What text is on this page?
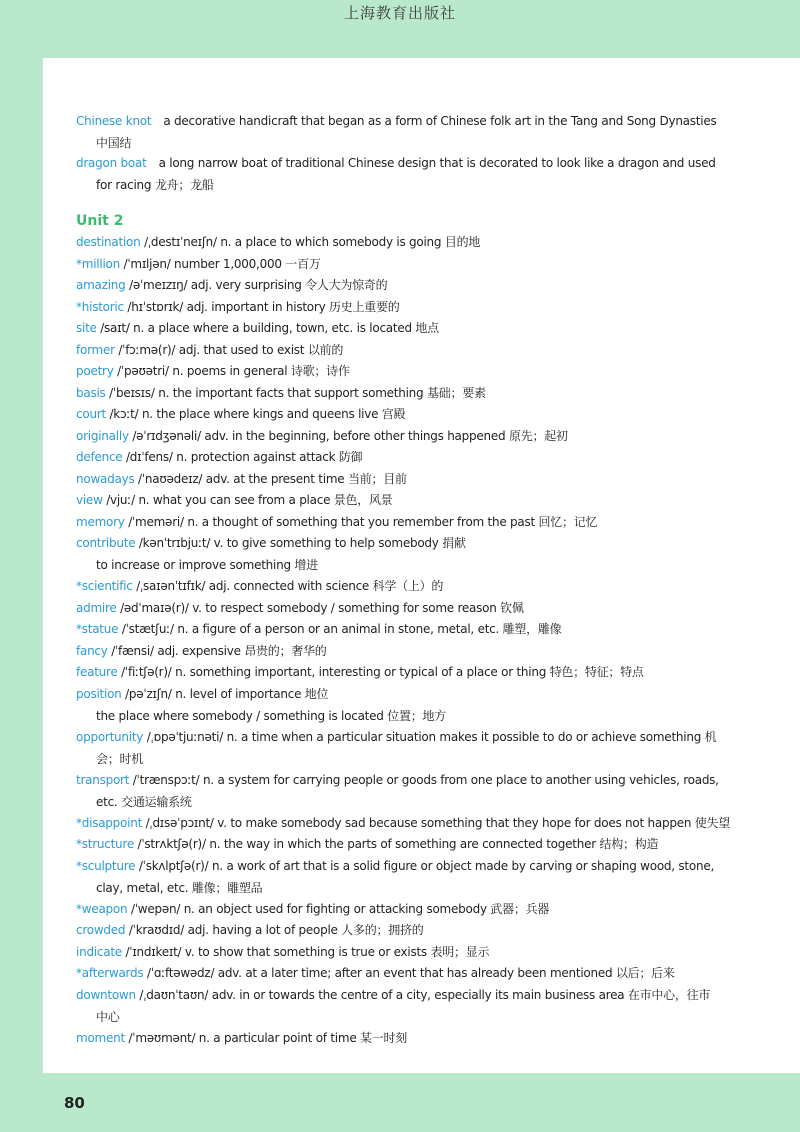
上海教育出版社
Chinese knot a decorative handicraft that began as a form of Chinese folk art in the Tang and Song Dynasties
中国结
dragon boat a long narrow boat of traditional Chinese design that is decorated to look like a dragon and used
for racing 龙舟；龙船
Unit 2
destination /ˌdestɪˈneɪʃn/ n. a place to which somebody is going 目的地
*million /ˈmɪljən/ number 1,000,000 一百万
amazing /əˈmeɪzɪŋ/ adj. very surprising 令人大为惊奇的
*historic /hɪˈstɒrɪk/ adj. important in history 历史上重要的
site /saɪt/ n. a place where a building, town, etc. is located 地点
former /ˈfɔːmə(r)/ adj. that used to exist 以前的
poetry /ˈpəʊətri/ n. poems in general 诗歌；诗作
basis /ˈbeɪsɪs/ n. the important facts that support something 基础；要素
court /kɔːt/ n. the place where kings and queens live 宫殿
originally /əˈrɪdʒənəli/ adv. in the beginning, before other things happened 原先；起初
defence /dɪˈfens/ n. protection against attack 防御
nowadays /ˈnaʊədeɪz/ adv. at the present time 当前；目前
view /vjuː/ n. what you can see from a place 景色，风景
memory /ˈmeməri/ n. a thought of something that you remember from the past 回忆；记忆
contribute /kənˈtrɪbjuːt/ v. to give something to help somebody 捐献
to increase or improve something 增进
*scientific /ˌsaɪənˈtɪfɪk/ adj. connected with science 科学（上）的
admire /ədˈmaɪə(r)/ v. to respect somebody / something for some reason 钦佩
*statue /ˈstætʃuː/ n. a figure of a person or an animal in stone, metal, etc. 雕塑，雕像
fancy /ˈfænsi/ adj. expensive 昂贵的；奢华的
feature /ˈfiːtʃə(r)/ n. something important, interesting or typical of a place or thing 特色；特征；特点
position /pəˈzɪʃn/ n. level of importance 地位
the place where somebody / something is located 位置；地方
opportunity /ˌɒpəˈtjuːnəti/ n. a time when a particular situation makes it possible to do or achieve something 机
会；时机
transport /ˈtrænspɔːt/ n. a system for carrying people or goods from one place to another using vehicles, roads,
etc. 交通运输系统
*disappoint /ˌdɪsəˈpɔɪnt/ v. to make somebody sad because something that they hope for does not happen 使失望
*structure /ˈstrʌktʃə(r)/ n. the way in which the parts of something are connected together 结构；构造
*sculpture /ˈskʌlptʃə(r)/ n. a work of art that is a solid figure or object made by carving or shaping wood, stone,
clay, metal, etc. 雕像；雕塑品
*weapon /ˈwepən/ n. an object used for fighting or attacking somebody 武器；兵器
crowded /ˈkraʊdɪd/ adj. having a lot of people 人多的；拥挤的
indicate /ˈɪndɪkeɪt/ v. to show that something is true or exists 表明；显示
*afterwards /ˈɑːftəwədz/ adv. at a later time; after an event that has already been mentioned 以后；后来
downtown /ˌdaʊnˈtaʊn/ adv. in or towards the centre of a city, especially its main business area 在市中心，往市
中心
moment /ˈməʊmənt/ n. a particular point of time 某一时刻
80
